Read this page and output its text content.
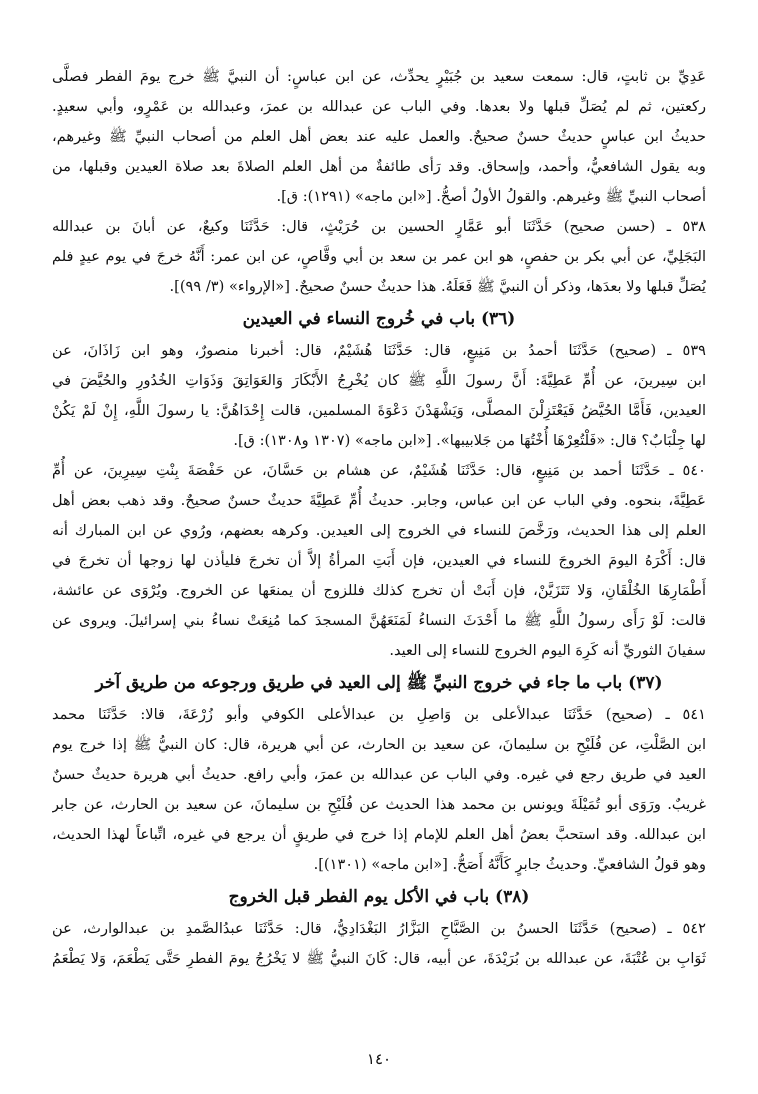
عَدِيِّ بن ثابتٍ، قال: سمعت سعيد بن جُبَيْرٍ يحدِّث، عن ابن عباسٍ: أن النبيَّ ﷺ خرج يومَ الفطر فصلَّى
ركعتين، ثم لم يُصَلِّ قبلها ولا بعدها. وفي الباب عن عبدالله بن عمرَ، وعبدالله بن عَمْرٍو، وأبي سعيدٍ.
حديثُ ابن عباسٍ حديثٌ حسنٌ صحيحٌ. والعمل عليه عند بعض أهل العلم من أصحاب النبيِّ ﷺ وغيرهم،
وبه يقول الشافعيُّ، وأحمد، وإسحاق. وقد رَأى طائفةٌ من أهل العلم الصلاةَ بعد صلاة العيدين وقبلها، من
أصحاب النبيِّ ﷺ وغيرهم. والقولُ الأولُ أصحُّ. [«ابن ماجه» (١٢٩١): ق].
٥٣٨ ـ (حسن صحيح) حَدَّثَنَا أبو عَمَّارٍ الحسين بن حُرَيْثٍ، قال: حَدَّثَنَا وكيعٌ، عن أبانَ بن عبدالله
البَجَلِيِّ، عن أبي بكر بن حفصٍ، هو ابن عمر بن سعد بن أبي وقَّاصٍ، عن ابن عمر: أَنَّهُ خرجَ في يوم عيدٍ فلم
يُصَلِّ قبلها ولا بعدَها، وذكر أن النبيَّ ﷺ فَعَلَهُ. هذا حديثٌ حسنٌ صحيحٌ. [«الإرواء» (٣/ ٩٩)].
(٣٦) باب في خُروج النساء في العيدين
٥٣٩ ـ (صحيح) حَدَّثَنَا أحمدُ بن مَنِيعٍ، قال: حَدَّثَنَا هُشَيْمٌ، قال: أخبرنا منصورٌ، وهو ابن زَاذَانَ، عن
ابن سِيرينَ، عن أُمِّ عَطِيَّةَ: أَنَّ رسولَ اللَّهِ ﷺ كان يُخْرِجُ الأَبْكَارَ وَالعَوَاتِقَ وَذَوَاتِ الخُدُورِ والحُيَّضَ في
العيدين، فَأَمَّا الحُيَّضُ فَيَعْتَزِلْنَ المصلَّى، وَيَشْهَدْنَ دَعْوَةَ المسلمين، قالت إِحْدَاهُنَّ: يا رسولَ اللَّهِ، إِنْ لَمْ يَكُنْ
لها جِلْبَابٌ؟ قال: «فَلْتُعِرْهَا أُخْتُهَا من جَلابيبها». [«ابن ماجه» (١٣٠٧ و١٣٠٨): ق].
٥٤٠ ـ حَدَّثَنَا أحمد بن مَنِيعٍ، قال: حَدَّثَنَا هُشَيْمٌ، عن هشام بن حَسَّانَ، عن حَفْصَةَ بِنْتِ سِيرِينَ، عن أُمِّ
عَطِيَّةَ، بنحوه. وفي الباب عن ابن عباس، وجابر. حديثُ أُمِّ عَطِيَّةَ حديثٌ حسنٌ صحيحٌ. وقد ذهب بعض أهل
العلم إلى هذا الحديث، ورَخَّصَ للنساء في الخروج إلى العيدين. وكرهه بعضهم، ورُوي عن ابن المبارك أنه
قال: أَكْرَهُ اليومَ الخروجَ للنساء في العيدين، فإن أَبَتِ المرأةُ إلاَّ أن تخرجَ فليأذن لها زوجها أن تخرجَ في
أَطْمَارِهَا الخُلْقَانِ، وَلا تَتَزَيَّنْ، فإن أَبَتْ أن تخرج كذلك فللزوج أن يمنعَها عن الخروج. ويُرْوَى عن عائشة،
قالت: لَوْ رَأَى رسولُ اللَّهِ ﷺ ما أَحْدَثَ النساءُ لَمَنَعَهُنَّ المسجدَ كما مُنِعَتْ نساءُ بني إسرائيلَ. ويروى عن
سفيانَ الثوريِّ أنه كَرِهَ اليوم الخروج للنساء إلى العيد.
(٣٧) باب ما جاء في خروج النبيِّ ﷺ إلى العيد في طريق ورجوعه من طريق آخر
٥٤١ ـ (صحيح) حَدَّثَنَا عبدالأعلى بن وَاصِلِ بن عبدالأعلى الكوفي وأبو زُرْعَةَ، قالا: حَدَّثَنَا محمد
ابن الصَّلْتِ، عن فُلَيْحِ بن سليمانَ، عن سعيد بن الحارث، عن أبي هريرة، قال: كان النبيُّ ﷺ إذا خرج يوم
العيد في طريق رجع في غيره. وفي الباب عن عبدالله بن عمرَ، وأبي رافع. حديثُ أبي هريرة حديثٌ حسنٌ
غريبٌ. ورَوَى أبو تُمَيْلَةَ ويونس بن محمد هذا الحديث عن فُلَيْحِ بن سليمانَ، عن سعيد بن الحارث، عن جابر
ابن عبدالله. وقد استحبَّ بعضُ أهل العلم للإمام إذا خرج في طريقٍ أن يرجع في غيره، اتِّباعاً لهذا الحديث،
وهو قولُ الشافعيِّ. وحديثُ جابرٍ كَأَنَّهُ أَصَحُّ. [«ابن ماجه» (١٣٠١)].
(٣٨) باب في الأكل يوم الفطر قبل الخروج
٥٤٢ ـ (صحيح) حَدَّثَنَا الحسنُ بن الصَّبَّاحِ البَزَّارُ البَغْدَادِيُّ، قال: حَدَّثَنَا عبدُالصَّمدِ بن عبدالوارث، عن
ثَوَابِ بن عُتْبَةَ، عن عبدالله بن بُرَيْدَةَ، عن أبيه، قال: كَانَ النبيُّ ﷺ لا يَخْرُجُ يومَ الفطرِ حَتَّى يَطْعَمَ، وَلا يَطْعَمُ
١٤٠
